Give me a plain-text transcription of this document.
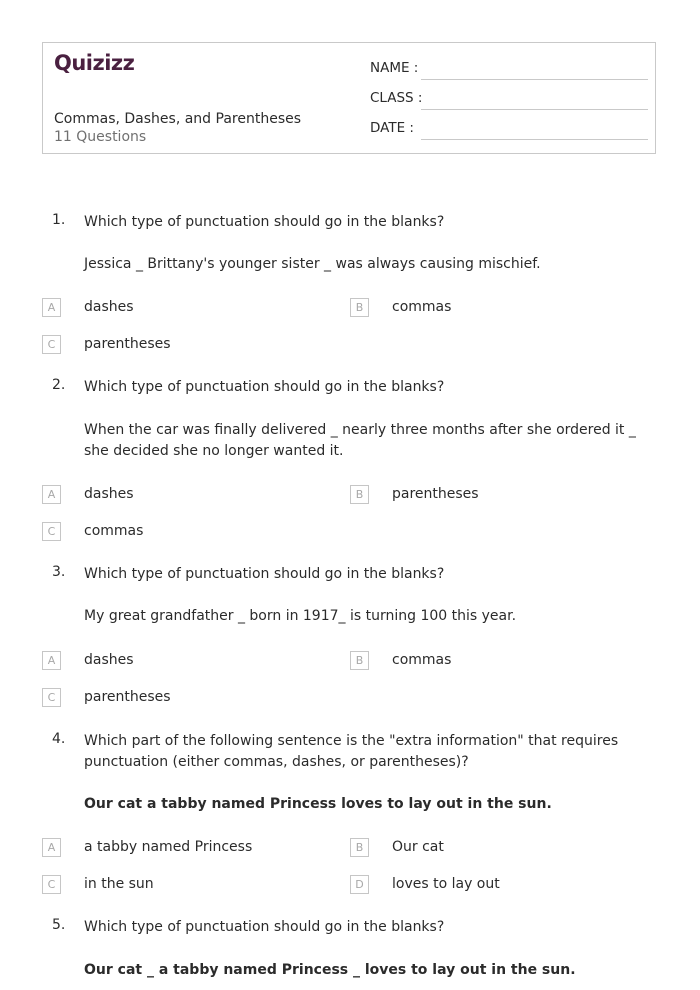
Quizizz
Commas, Dashes, and Parentheses
11 Questions
NAME :
CLASS :
DATE :
1. Which type of punctuation should go in the blanks?
Jessica _ Brittany's younger sister _ was always causing mischief.
A	dashes	B	commas
C	parentheses
2. Which type of punctuation should go in the blanks?
When the car was finally delivered _ nearly three months after she ordered it _ she decided she no longer wanted it.
A	dashes	B	parentheses
C	commas
3. Which type of punctuation should go in the blanks?
My great grandfather _ born in 1917_ is turning 100 this year.
A	dashes	B	commas
C	parentheses
4. Which part of the following sentence is the "extra information" that requires punctuation (either commas, dashes, or parentheses)?
Our cat a tabby named Princess loves to lay out in the sun.
A	a tabby named Princess	B	Our cat
C	in the sun	D	loves to lay out
5. Which type of punctuation should go in the blanks?
Our cat _ a tabby named Princess _ loves to lay out in the sun.
